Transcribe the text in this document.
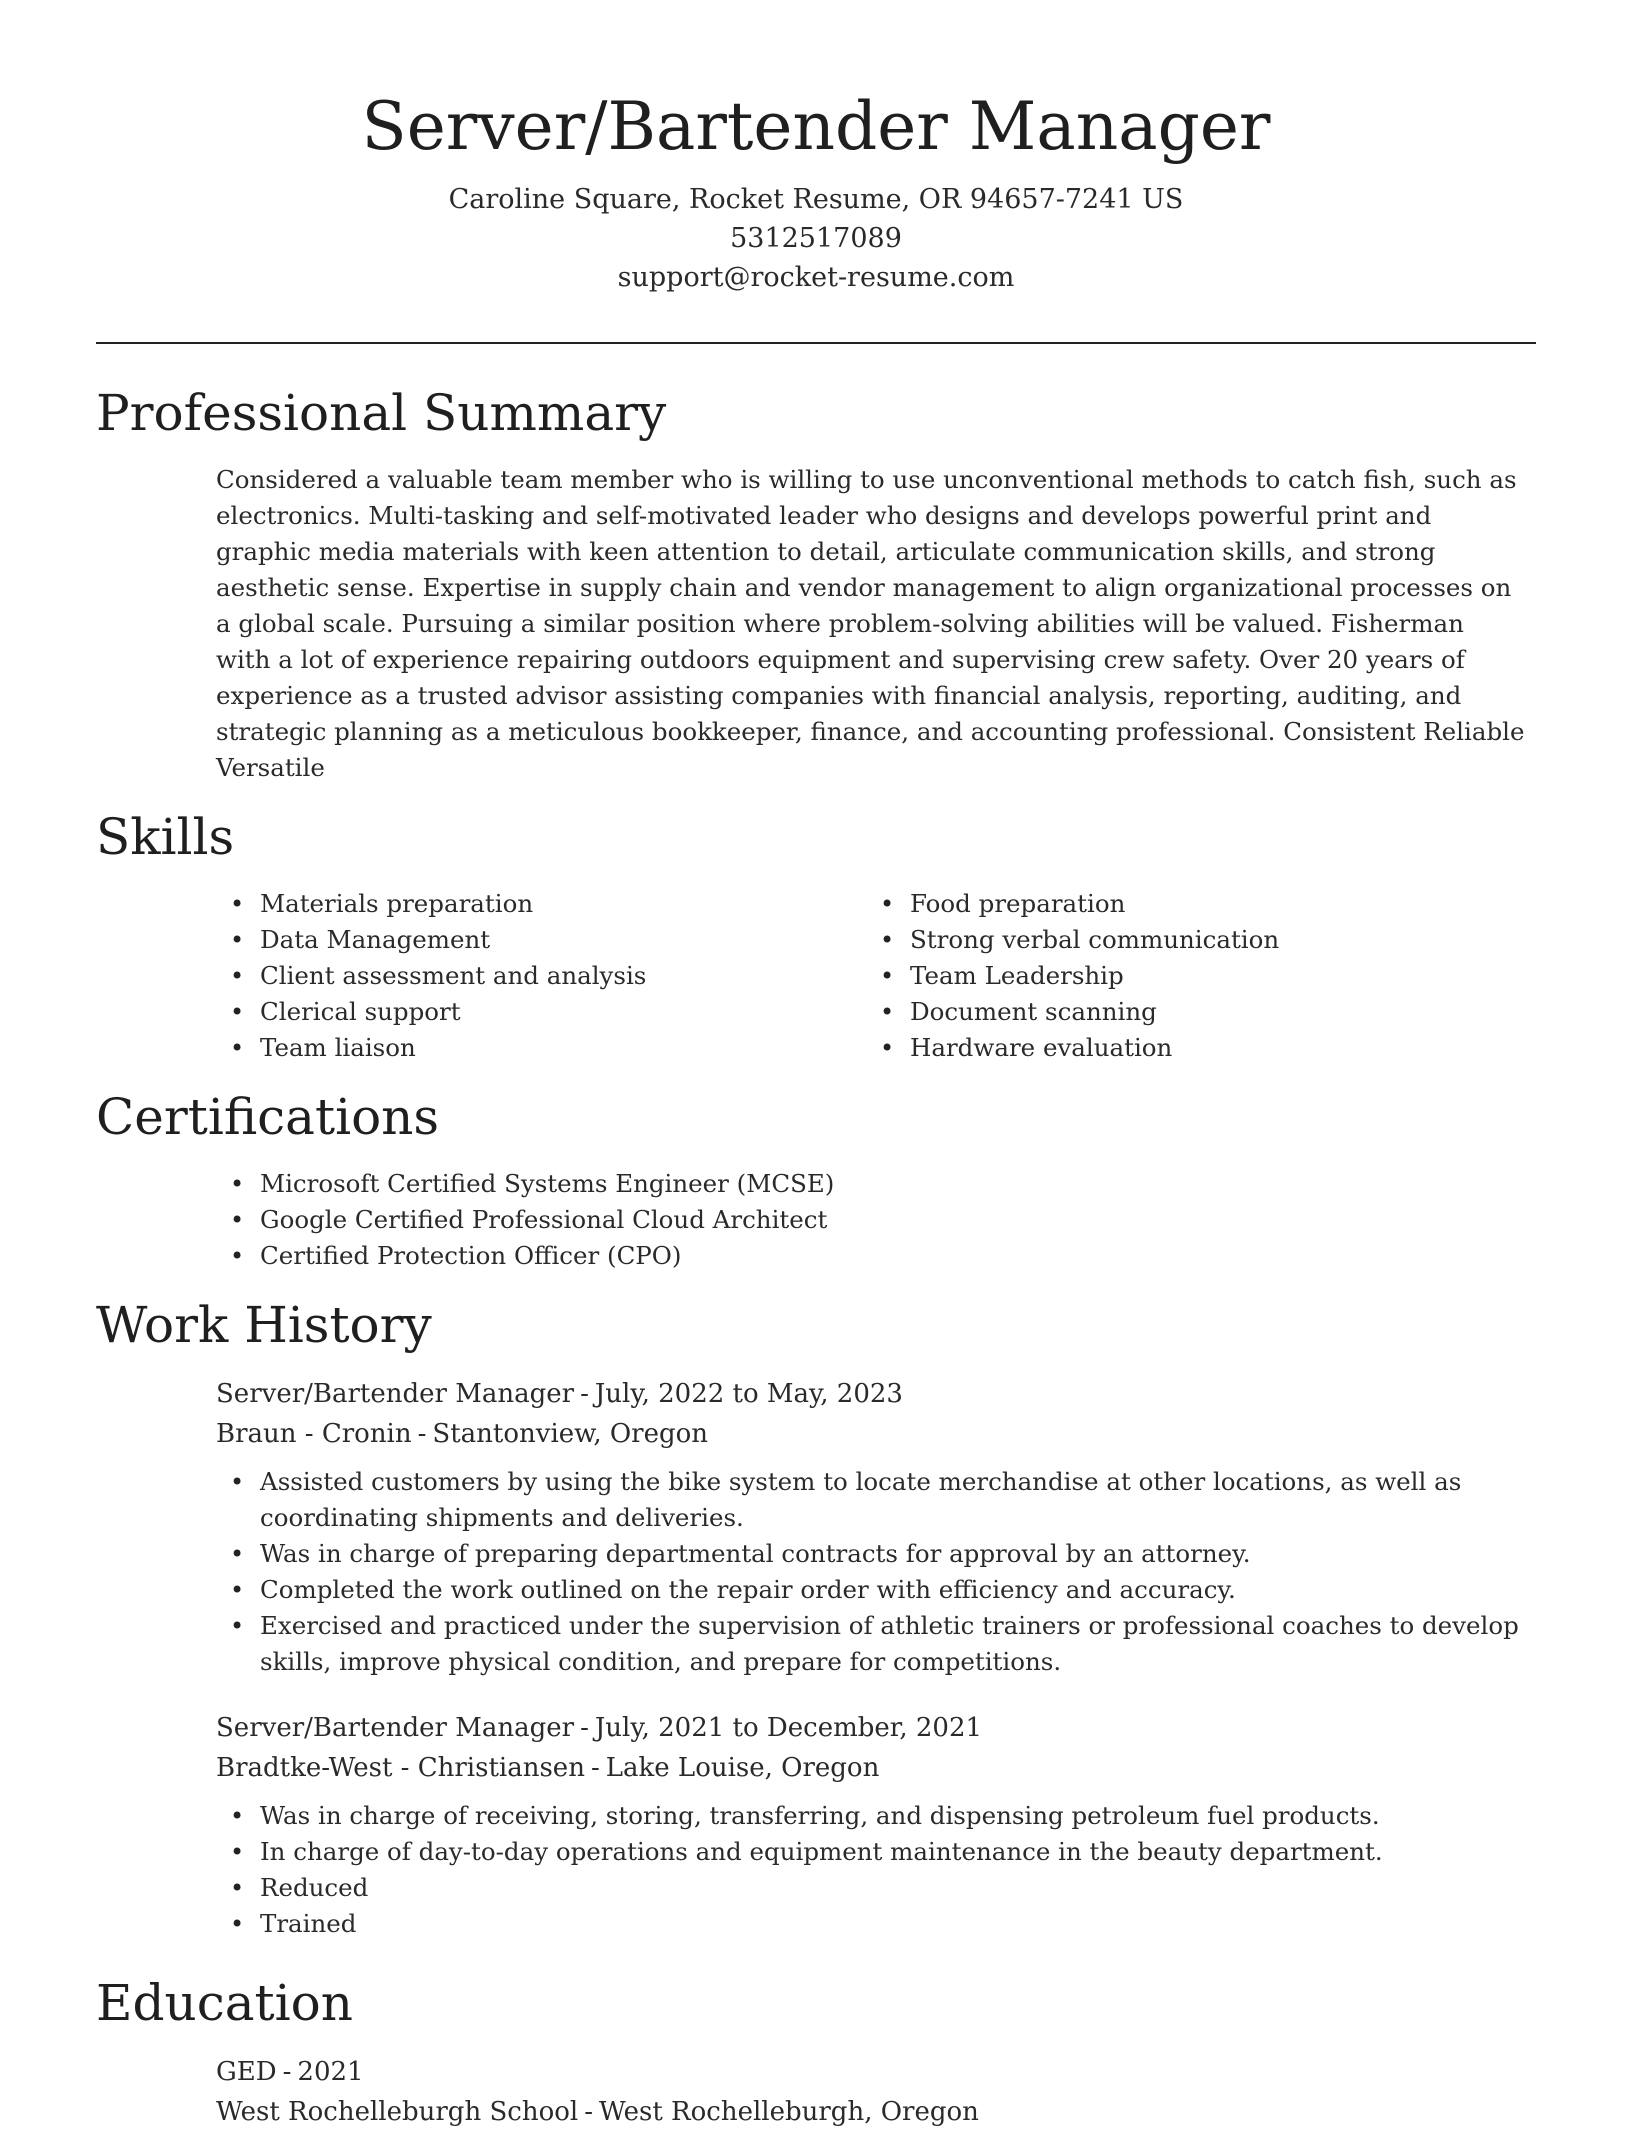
Server/Bartender Manager

Caroline Square, Rocket Resume, OR 94657-7241 US

5312517089

support@rocket-resume.com

Professional Summary

Considered a valuable team member who is willing to use unconventional methods to catch fish, such as electronics. Multi-tasking and self-motivated leader who designs and develops powerful print and graphic media materials with keen attention to detail, articulate communication skills, and strong aesthetic sense. Expertise in supply chain and vendor management to align organizational processes on a global scale. Pursuing a similar position where problem-solving abilities will be valued. Fisherman with a lot of experience repairing outdoors equipment and supervising crew safety. Over 20 years of experience as a trusted advisor assisting companies with financial analysis, reporting, auditing, and strategic planning as a meticulous bookkeeper, finance, and accounting professional. Consistent Reliable Versatile

Skills
• Materials preparation
• Data Management
• Client assessment and analysis
• Clerical support
• Team liaison
• Food preparation
• Strong verbal communication
• Team Leadership
• Document scanning
• Hardware evaluation
Certifications
• Microsoft Certified Systems Engineer (MCSE)
• Google Certified Professional Cloud Architect
• Certified Protection Officer (CPO)
Work History

Server/Bartender Manager - July, 2022 to May, 2023

Braun - Cronin - Stantonview, Oregon

• Assisted customers by using the bike system to locate merchandise at other locations, as well as coordinating shipments and deliveries.
• Was in charge of preparing departmental contracts for approval by an attorney.
• Completed the work outlined on the repair order with efficiency and accuracy.
• Exercised and practiced under the supervision of athletic trainers or professional coaches to develop skills, improve physical condition, and prepare for competitions.

Server/Bartender Manager - July, 2021 to December, 2021

Bradtke-West - Christiansen - Lake Louise, Oregon

• Was in charge of receiving, storing, transferring, and dispensing petroleum fuel products.
• In charge of day-to-day operations and equipment maintenance in the beauty department.
• Reduced
• Trained
Education

GED - 2021

West Rochelleburgh School - West Rochelleburgh, Oregon
